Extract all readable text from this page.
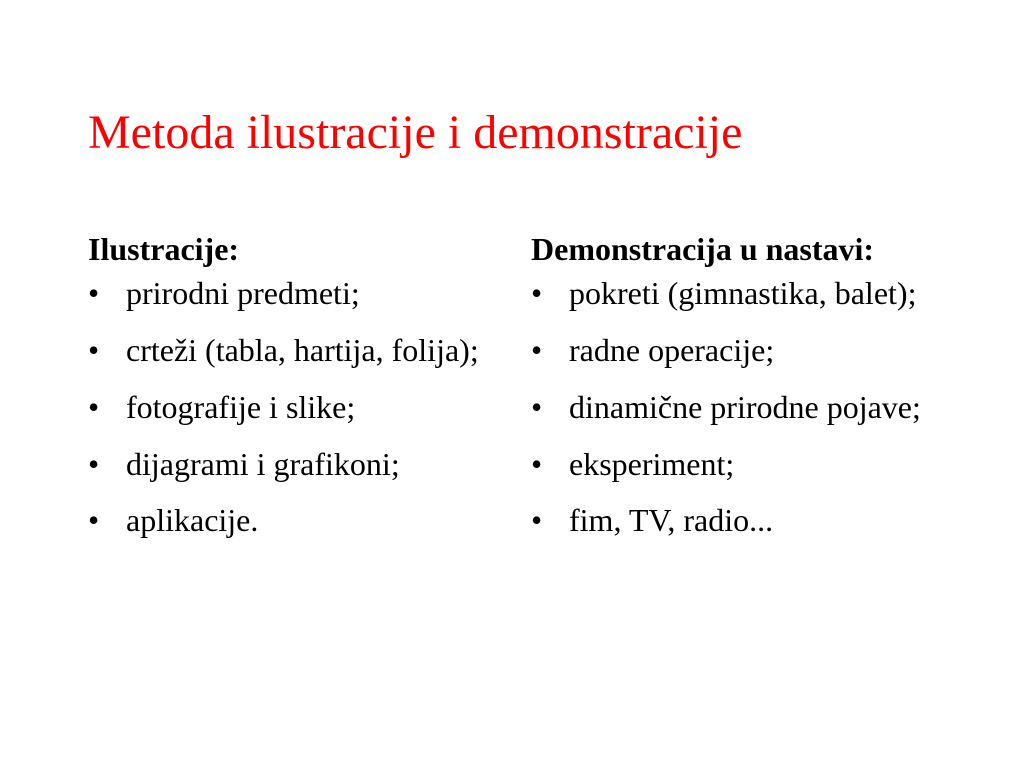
Metoda ilustracije i demonstracije
Ilustracije:
• prirodni predmeti;
• crteži (tabla, hartija, folija);
• fotografije i slike;
• dijagrami i grafikoni;
• aplikacije.
Demonstracija u nastavi:
• pokreti (gimnastika, balet);
• radne operacije;
• dinamične prirodne pojave;
• eksperiment;
• fim, TV, radio...
